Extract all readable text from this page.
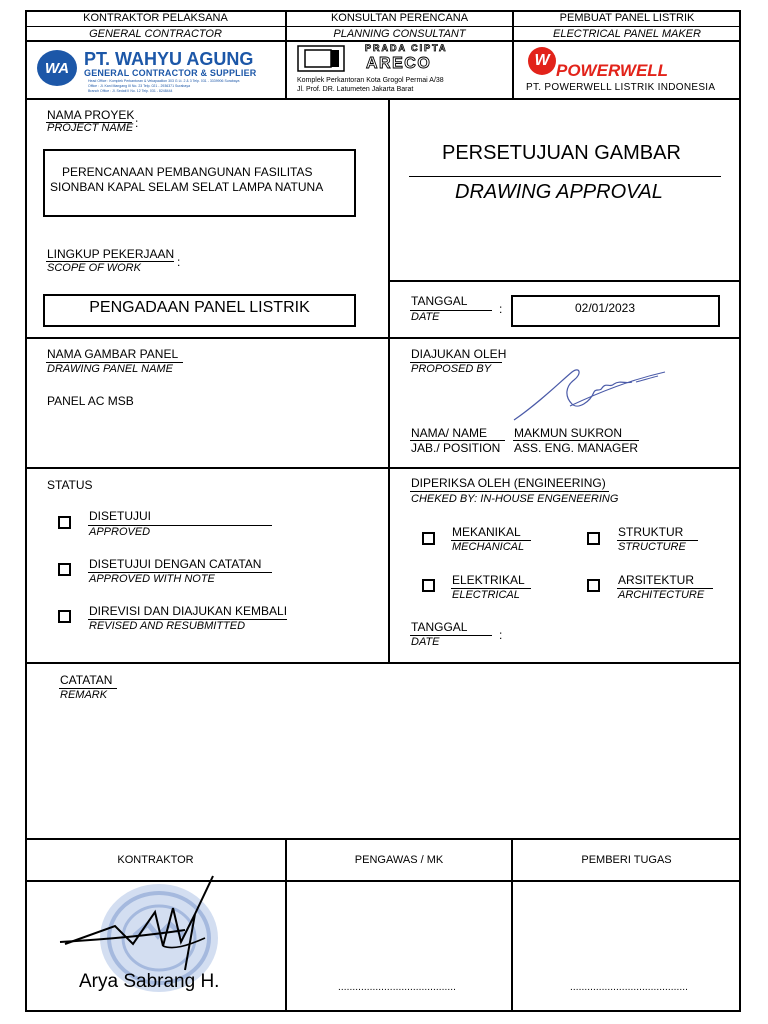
KONTRAKTOR PELAKSANA
GENERAL CONTRACTOR
KONSULTAN PERENCANA
PLANNING CONSULTANT
PEMBUAT PANEL LISTRIK
ELECTRICAL PANEL MAKER
WA PT. WAHYU AGUNG
GENERAL CONTRACTOR & SUPPLIER
Head Office : Komplek Perkantoran & Vekapaalilon 303 G Lt. 2 & 3 Telp. 031 - 3339906 Surabaya
Office : Jl. Kani Mangang III No. 23 Telp. 021 - 2936371 Surabaya
Branch Office : Jl. Sedati II No. 12 Telp. 031 - 8248444
PRADA CIPTA
ARECO
Komplek Perkantoran Kota Grogol Permai A/38
Jl. Prof. DR. Latumeten Jakarta Barat
W
POWERWELL
PT. POWERWELL LISTRIK INDONESIA
NAMA PROYEK
PROJECT NAME :
PERENCANAAN PEMBANGUNAN FASILITAS
SIONBAN KAPAL SELAM SELAT LAMPA NATUNA
PERSETUJUAN GAMBAR
DRAWING APPROVAL
LINGKUP PEKERJAAN
SCOPE OF WORK	:
PENGADAAN PANEL LISTRIK	TANGGAL
DATE
:	02/01/2023
NAMA GAMBAR PANEL
DRAWING PANEL NAME
PANEL AC MSB
DIAJUKAN OLEH
PROPOSED BY
NAMA/ NAME
JAB./ POSITION
MAKMUN SUKRON
ASS. ENG. MANAGER
STATUS
DISETUJUI
APPROVED
DISETUJUI DENGAN CATATAN
APPROVED WITH NOTE
DIREVISI DAN DIAJUKAN KEMBALI
REVISED AND RESUBMITTED
DIPERIKSA OLEH (ENGINEERING)
CHEKED BY: IN-HOUSE ENGENEERING
MEKANIKAL
MECHANICAL
STRUKTUR
STRUCTURE
ELEKTRIKAL
ELECTRICAL
ARSITEKTUR
ARCHITECTURE
TANGGAL
DATE	:
CATATAN
REMARK
KONTRAKTOR	PENGAWAS / MK	PEMBERI TUGAS
Arya Sabrang H.	.........................................	.........................................
